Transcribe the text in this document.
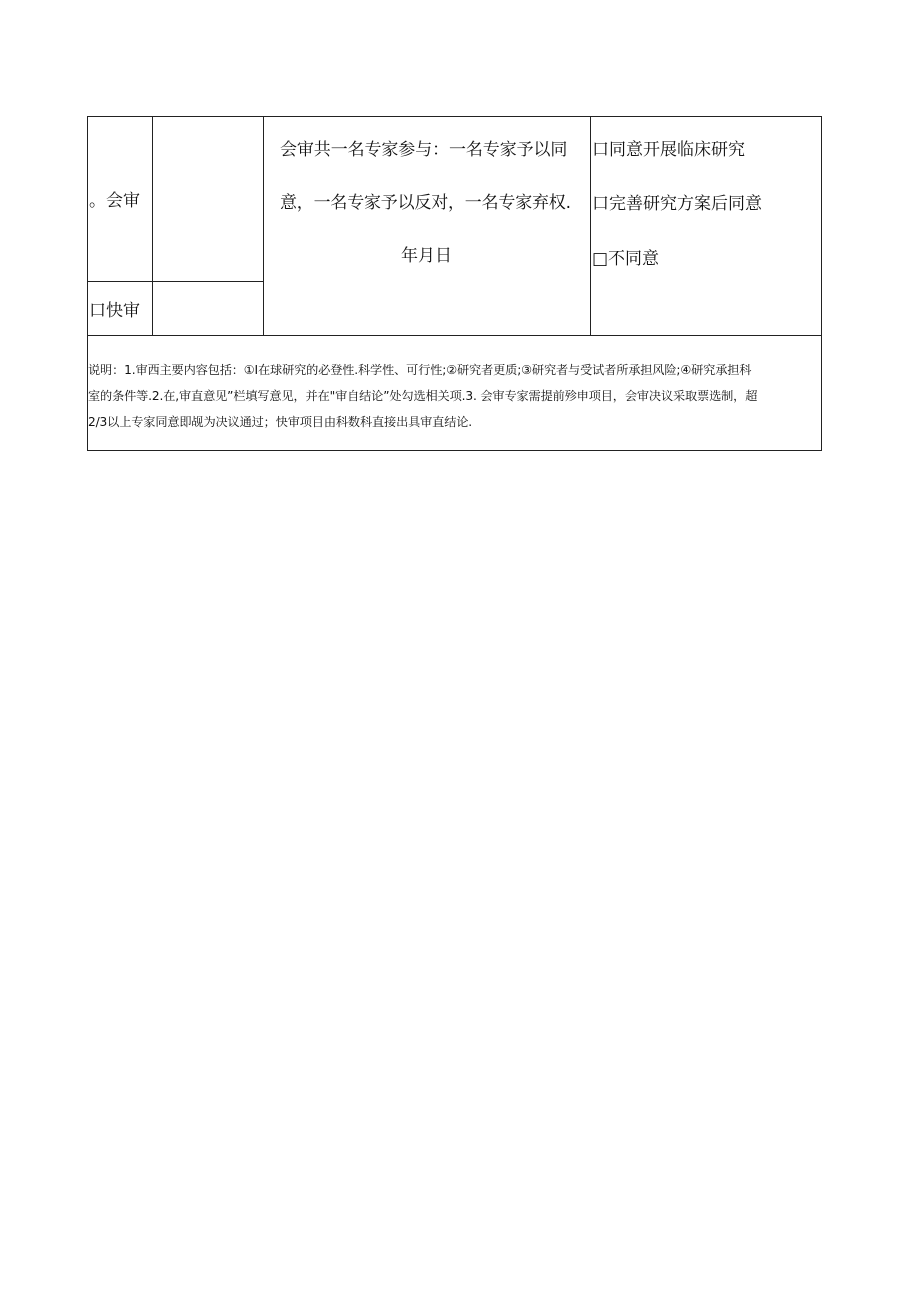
。会审
口快审
会审共一名专家参与：一名专家予以同
意，一名专家予以反对，一名专家弃权.
年月日
口同意开展临床研究
口完善研究方案后同意
□不同意
说明：1.审西主要内容包括：①I在球研究的必登性.科学性、可行性;②研究者更质;③研究者与受试者所承担风险;④研究承担科
室的条件等.2.在,审直意见”栏填写意见，并在"审自结论”处勾选相关项.3. 会审专家需提前殄申项目，会审决议采取票选制，超
2/3以上专家同意即觇为决议通过；快审项目由科数科直接出具审直结论.
